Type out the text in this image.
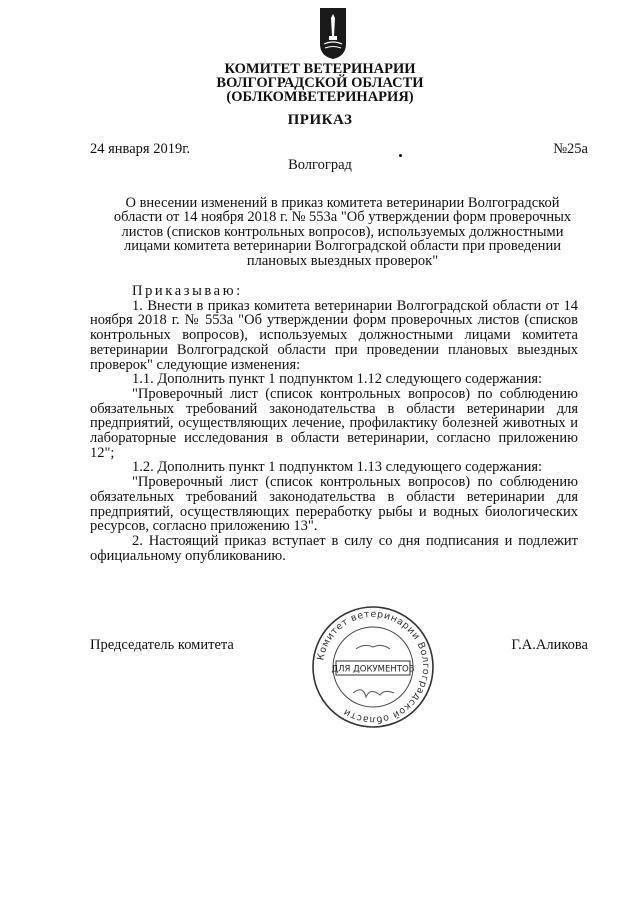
КОМИТЕТ ВЕТЕРИНАРИИ
ВОЛГОГРАДСКОЙ ОБЛАСТИ
(ОБЛКОМВЕТЕРИНАРИЯ)
ПРИКАЗ
24 января 2019г.	№25а
Волгоград
О внесении изменений в приказ комитета ветеринарии Волгоградской области от 14 ноября 2018 г. № 553а "Об утверждении форм проверочных листов (списков контрольных вопросов), используемых должностными лицами комитета ветеринарии Волгоградской области при проведении плановых выездных проверок"

Приказываю:

1. Внести в приказ комитета ветеринарии Волгоградской области от 14 ноября 2018 г. № 553а "Об утверждении форм проверочных листов (списков контрольных вопросов), используемых должностными лицами комитета ветеринарии Волгоградской области при проведении плановых выездных проверок" следующие изменения:

1.1. Дополнить пункт 1 подпунктом 1.12 следующего содержания:

"Проверочный лист (список контрольных вопросов) по соблюдению обязательных требований законодательства в области ветеринарии для предприятий, осуществляющих лечение, профилактику болезней животных и лабораторные исследования в области ветеринарии, согласно приложению 12";

1.2. Дополнить пункт 1 подпунктом 1.13 следующего содержания:

"Проверочный лист (список контрольных вопросов) по соблюдению обязательных требований законодательства в области ветеринарии для предприятий, осуществляющих переработку рыбы и водных биологических ресурсов, согласно приложению 13".

2. Настоящий приказ вступает в силу со дня подписания и подлежит официальному опубликованию.

Председатель комитета	Г.А.Аликова
Комитет ветеринарии Волгоградской области
ДЛЯ ДОКУМЕНТОВ
